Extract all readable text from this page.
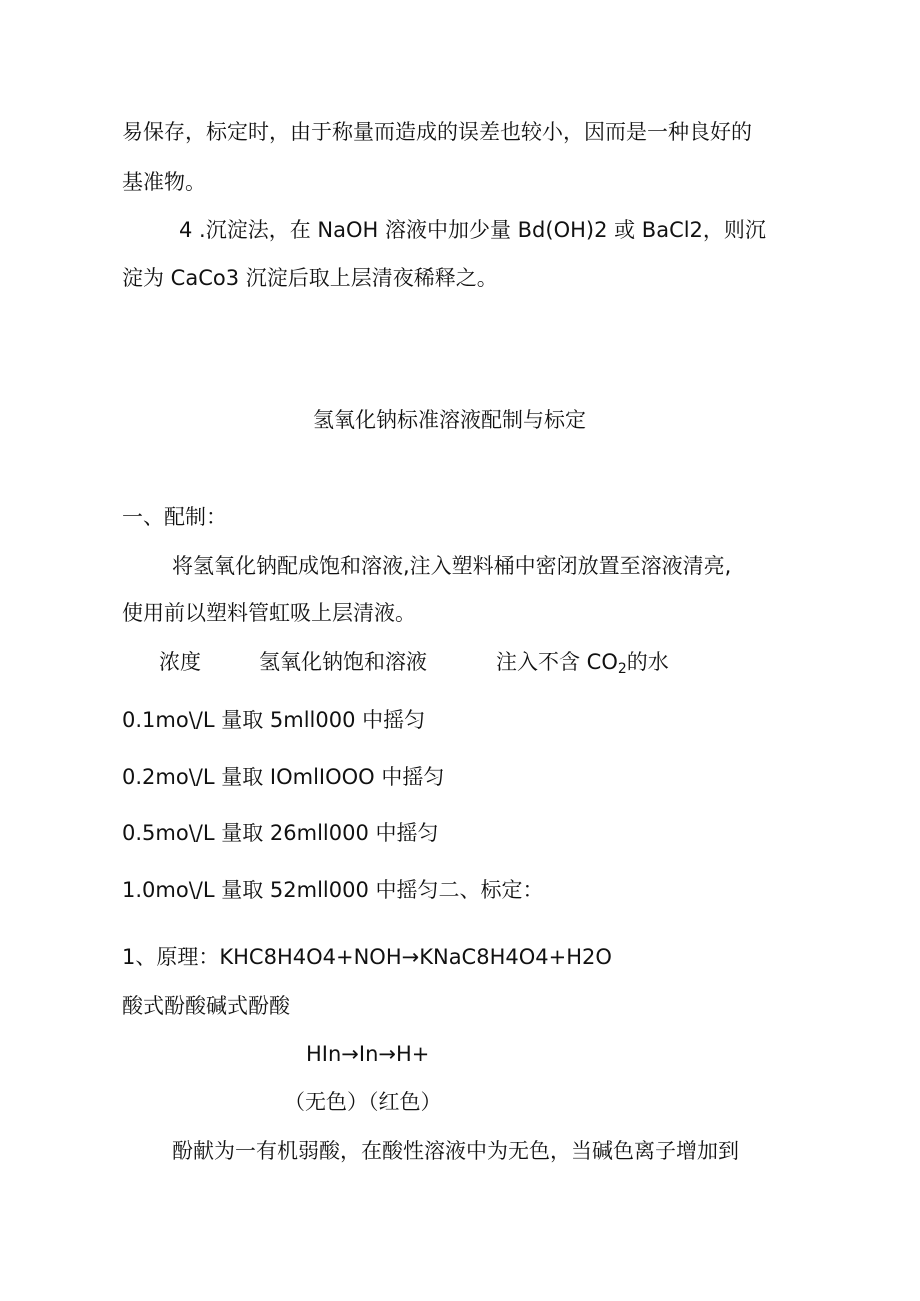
易保存，标定时，由于称量而造成的误差也较小，因而是一种良好的
基准物。
4 .沉淀法，在 NaOH 溶液中加少量 Bd(OH)2 或 BaCl2，则沉
淀为 CaCo3 沉淀后取上层清夜稀释之。
氢氧化钠标准溶液配制与标定
一、配制：
将氢氧化钠配成饱和溶液,注入塑料桶中密闭放置至溶液清亮,
使用前以塑料管虹吸上层清液。
浓度	氢氧化钠饱和溶液	注入不含 $CO_2$的水
0.1mo\/L 量取 5mll000 中摇匀
0.2mo\/L 量取 IOmlIOOO 中摇匀
0.5mo\/L 量取 26mll000 中摇匀
1.0mo\/L 量取 52mll000 中摇匀二、标定：
1、原理：KHC8H4O4+NOH→KNaC8H4O4+H2O
酸式酚酸碱式酚酸
HIn→In→H+
（无色）（红色）
酚献为一有机弱酸，在酸性溶液中为无色，当碱色离子增加到
